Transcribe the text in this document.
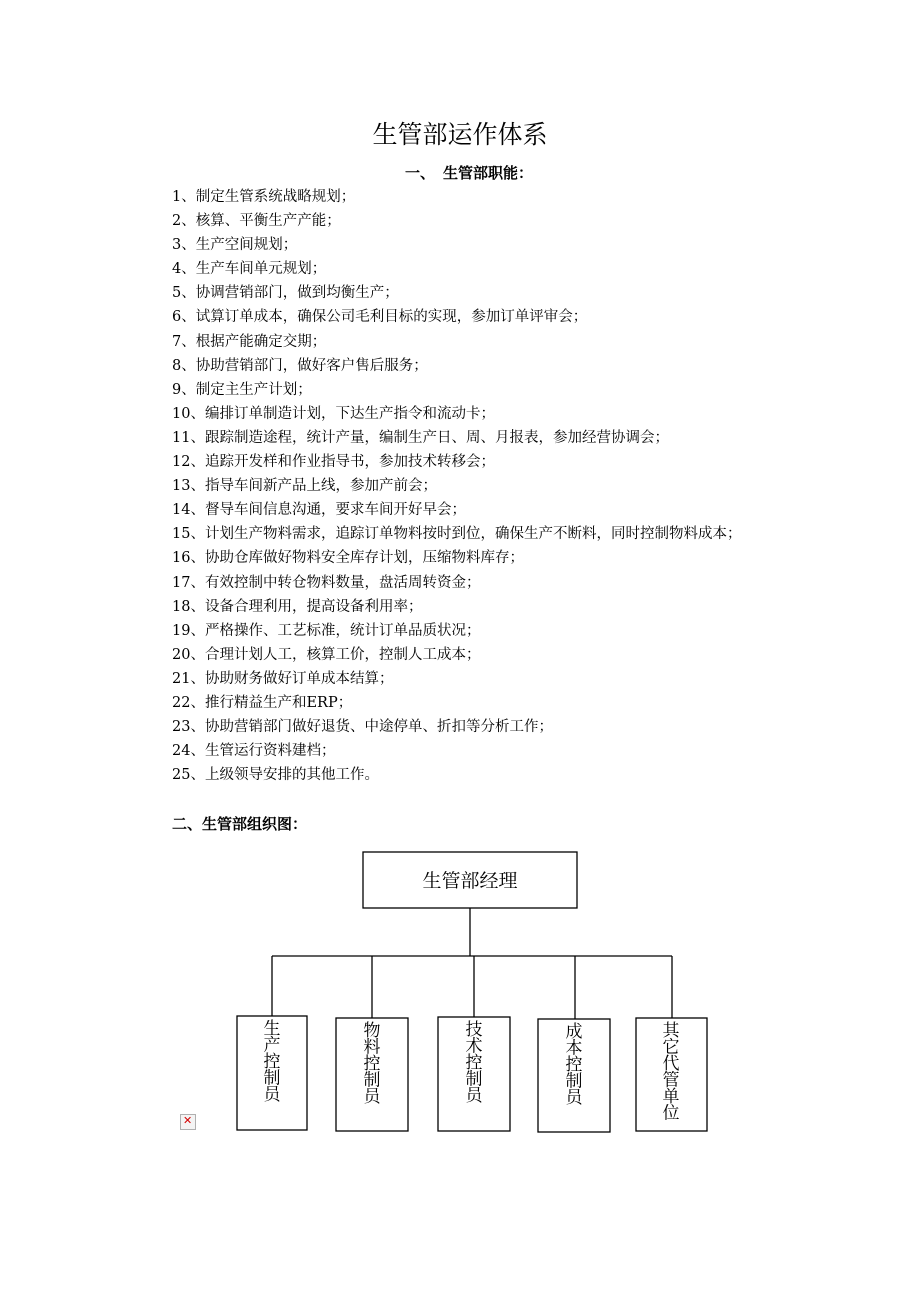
生管部运作体系
一、 生管部职能：
1、制定生管系统战略规划；
2、核算、平衡生产产能；
3、生产空间规划；
4、生产车间单元规划；
5、协调营销部门，做到均衡生产；
6、试算订单成本，确保公司毛利目标的实现，参加订单评审会；
7、根据产能确定交期；
8、协助营销部门，做好客户售后服务；
9、制定主生产计划；
10、编排订单制造计划，下达生产指令和流动卡；
11、跟踪制造途程，统计产量，编制生产日、周、月报表，参加经营协调会；
12、追踪开发样和作业指导书，参加技术转移会；
13、指导车间新产品上线，参加产前会；
14、督导车间信息沟通，要求车间开好早会；
15、计划生产物料需求，追踪订单物料按时到位，确保生产不断料，同时控制物料成本；
16、协助仓库做好物料安全库存计划，压缩物料库存；
17、有效控制中转仓物料数量，盘活周转资金；
18、设备合理利用，提高设备利用率；
19、严格操作、工艺标准，统计订单品质状况；
20、合理计划人工，核算工价，控制人工成本；
21、协助财务做好订单成本结算；
22、推行精益生产和ERP；
23、协助营销部门做好退货、中途停单、折扣等分析工作；
24、生管运行资料建档；
25、上级领导安排的其他工作。
二、生管部组织图：
生管部经理
生产控制员
物料控制员
技术控制员
成本控制员
其它代管单位
✕
